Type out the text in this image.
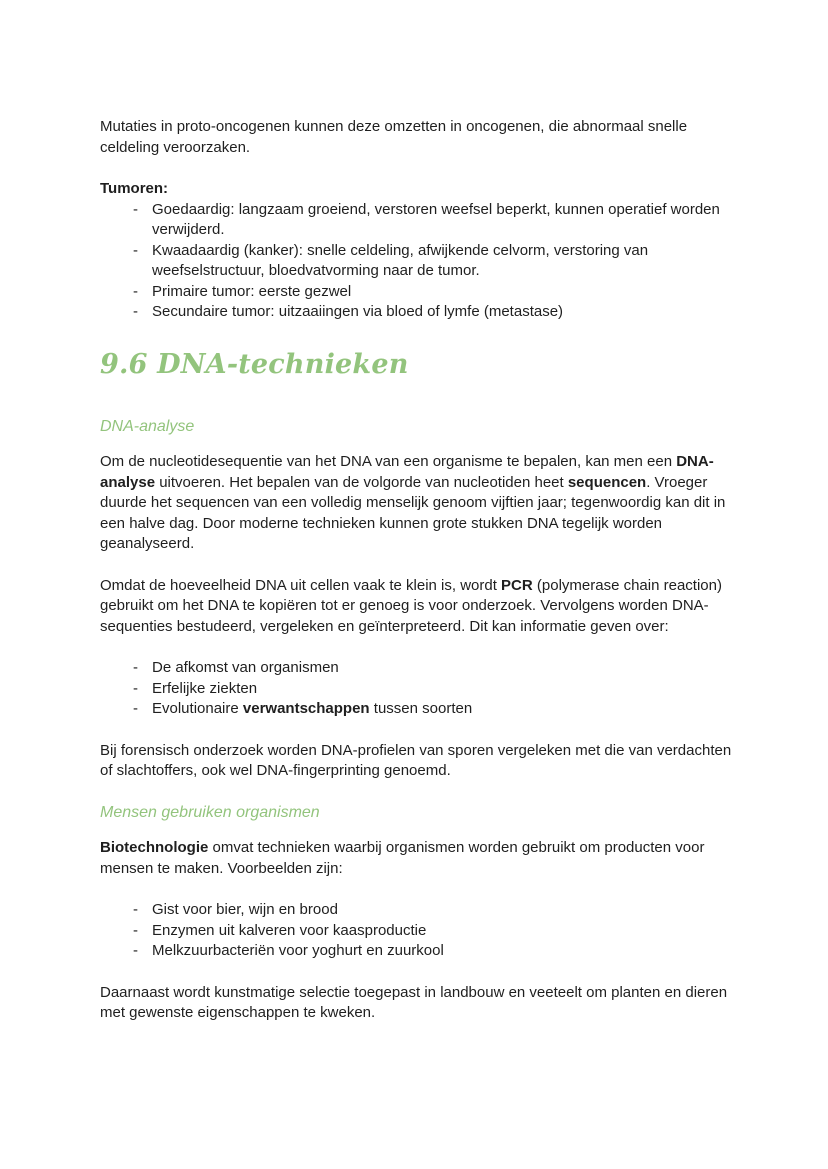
Mutaties in proto-oncogenen kunnen deze omzetten in oncogenen, die abnormaal snelle celdeling veroorzaken.

Tumoren:

- Goedaardig: langzaam groeiend, verstoren weefsel beperkt, kunnen operatief worden verwijderd.
- Kwaadaardig (kanker): snelle celdeling, afwijkende celvorm, verstoring van weefselstructuur, bloedvatvorming naar de tumor.
- Primaire tumor: eerste gezwel
- Secundaire tumor: uitzaaiingen via bloed of lymfe (metastase)
9.6 DNA-technieken
DNA-analyse

Om de nucleotidesequentie van het DNA van een organisme te bepalen, kan men een DNA-analyse uitvoeren. Het bepalen van de volgorde van nucleotiden heet sequencen. Vroeger duurde het sequencen van een volledig menselijk genoom vijftien jaar; tegenwoordig kan dit in een halve dag. Door moderne technieken kunnen grote stukken DNA tegelijk worden geanalyseerd.

Omdat de hoeveelheid DNA uit cellen vaak te klein is, wordt PCR (polymerase chain reaction) gebruikt om het DNA te kopiëren tot er genoeg is voor onderzoek. Vervolgens worden DNA-sequenties bestudeerd, vergeleken en geïnterpreteerd. Dit kan informatie geven over:

- De afkomst van organismen
- Erfelijke ziekten
- Evolutionaire verwantschappen tussen soorten

Bij forensisch onderzoek worden DNA-profielen van sporen vergeleken met die van verdachten of slachtoffers, ook wel DNA-fingerprinting genoemd.

Mensen gebruiken organismen

Biotechnologie omvat technieken waarbij organismen worden gebruikt om producten voor mensen te maken. Voorbeelden zijn:

- Gist voor bier, wijn en brood
- Enzymen uit kalveren voor kaasproductie
- Melkzuurbacteriën voor yoghurt en zuurkool

Daarnaast wordt kunstmatige selectie toegepast in landbouw en veeteelt om planten en dieren met gewenste eigenschappen te kweken.
